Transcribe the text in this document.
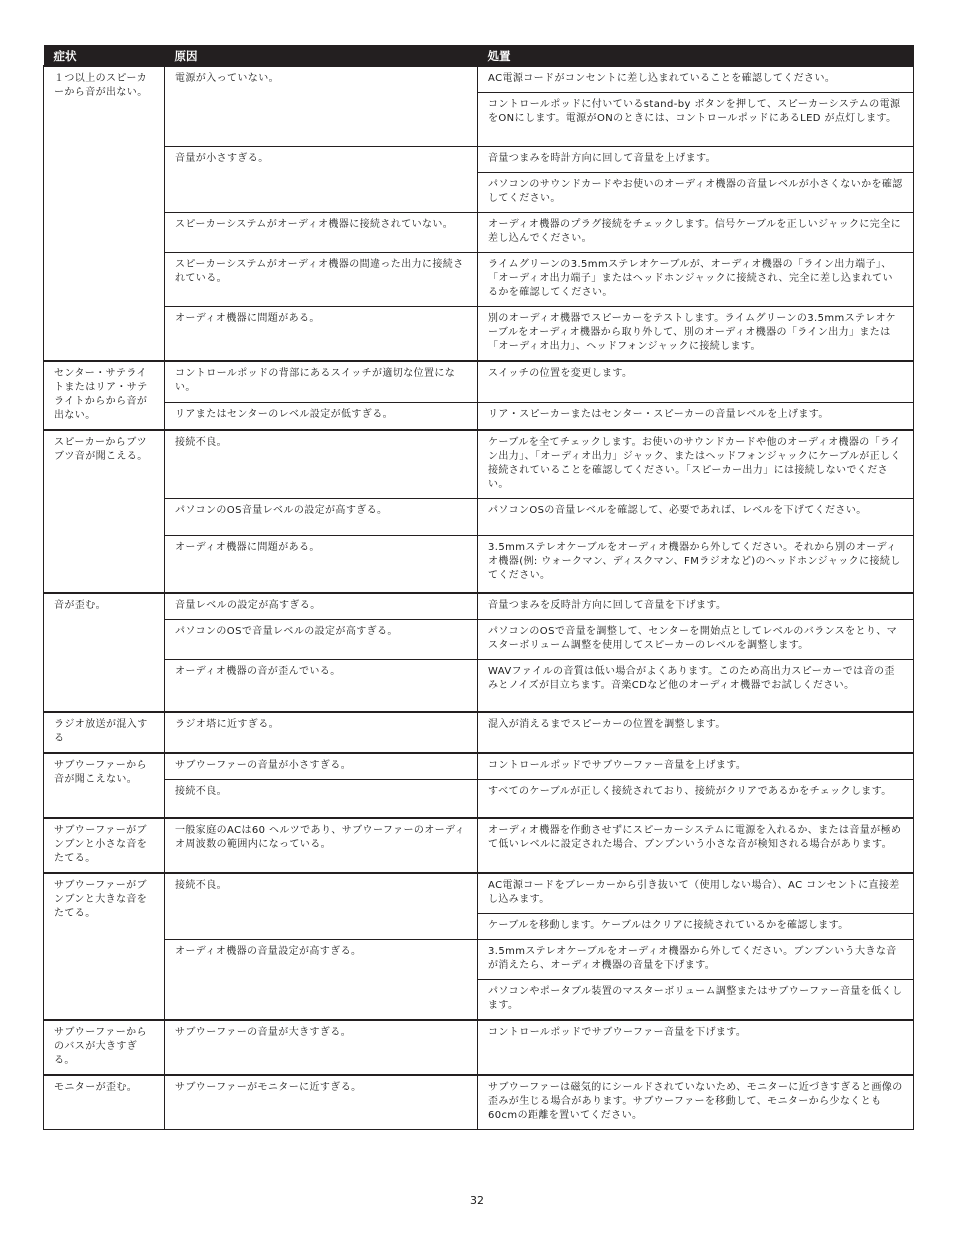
症状	原因	処置
１つ以上のスピーカーから音が出ない。	電源が入っていない。	AC電源コードがコンセントに差し込まれていることを確認してください。
		コントロールポッドに付いているstand-by ボタンを押して、スピーカーシステムの電源をONにします。電源がONのときには、コントロールポッドにあるLED が点灯します。
	音量が小さすぎる。	音量つまみを時計方向に回して音量を上げます。
		パソコンのサウンドカードやお使いのオーディオ機器の音量レベルが小さくないかを確認してください。
	スピーカーシステムがオーディオ機器に接続されていない。	オーディオ機器のプラグ接続をチェックします。信号ケーブルを正しいジャックに完全に差し込んでください。
	スピーカーシステムがオーディオ機器の間違った出力に接続されている。	ライムグリーンの3.5mmステレオケーブルが、オーディオ機器の「ライン出力端子」、「オーディオ出力端子」またはヘッドホンジャックに接続され、完全に差し込まれているかを確認してください。
	オーディオ機器に問題がある。	別のオーディオ機器でスピーカーをテストします。ライムグリーンの3.5mmステレオケーブルをオーディオ機器から取り外して、別のオーディオ機器の「ライン出力」または「オーディオ出力」、ヘッドフォンジャックに接続します。
センター・サテライトまたはリア・サテライトからから音が出ない。	コントロールポッドの背部にあるスイッチが適切な位置にない。	スイッチの位置を変更します。
	リアまたはセンターのレベル設定が低すぎる。	リア・スピーカーまたはセンター・スピーカーの音量レベルを上げます。
スピーカーからブツブツ音が聞こえる。	接続不良。	ケーブルを全てチェックします。お使いのサウンドカードや他のオーディオ機器の「ライン出力」、「オーディオ出力」ジャック、またはヘッドフォンジャックにケーブルが正しく接続されていることを確認してください。「スピーカー出力」には接続しないでください。
	パソコンのOS音量レベルの設定が高すぎる。	パソコンOSの音量レベルを確認して、必要であれば、レベルを下げてください。
	オーディオ機器に問題がある。	3.5mmステレオケーブルをオーディオ機器から外してください。それから別のオーディオ機器(例: ウォークマン、ディスクマン、FMラジオなど)のヘッドホンジャックに接続してください。
音が歪む。	音量レベルの設定が高すぎる。	音量つまみを反時計方向に回して音量を下げます。
	パソコンのOSで音量レベルの設定が高すぎる。	パソコンのOSで音量を調整して、センターを開始点としてレベルのバランスをとり、マスターボリューム調整を使用してスピーカーのレベルを調整します。
	オーディオ機器の音が歪んでいる。	WAVファイルの音質は低い場合がよくあります。このため高出力スピーカーでは音の歪みとノイズが目立ちます。音楽CDなど他のオーディオ機器でお試しください。
ラジオ放送が混入する	ラジオ塔に近すぎる。	混入が消えるまでスピーカーの位置を調整します。
サブウーファーから音が聞こえない。	サブウーファーの音量が小さすぎる。	コントロールポッドでサブウーファー音量を上げます。
	接続不良。	すべてのケーブルが正しく接続されており、接続がクリアであるかをチェックします。
サブウーファーがブンブンと小さな音をたてる。	一般家庭のACは60 ヘルツであり、サブウーファーのオーディオ周波数の範囲内になっている。	オーディオ機器を作動させずにスピーカーシステムに電源を入れるか、または音量が極めて低いレベルに設定された場合、ブンブンいう小さな音が検知される場合があります。
サブウーファーがブンブンと大きな音をたてる。	接続不良。	AC電源コードをブレーカーから引き抜いて（使用しない場合）、AC コンセントに直接差し込みます。
		ケーブルを移動します。ケーブルはクリアに接続されているかを確認します。
	オーディオ機器の音量設定が高すぎる。	3.5mmステレオケーブルをオーディオ機器から外してください。ブンブンいう大きな音が消えたら、オーディオ機器の音量を下げます。
		パソコンやポータブル装置のマスターボリューム調整またはサブウーファー音量を低くします。
サブウーファーからのバスが大きすぎる。	サブウーファーの音量が大きすぎる。	コントロールポッドでサブウーファー音量を下げます。
モニターが歪む。	サブウーファーがモニターに近すぎる。	サブウーファーは磁気的にシールドされていないため、モニターに近づきすぎると画像の歪みが生じる場合があります。サブウーファーを移動して、モニターから少なくとも60cmの距離を置いてください。
32
